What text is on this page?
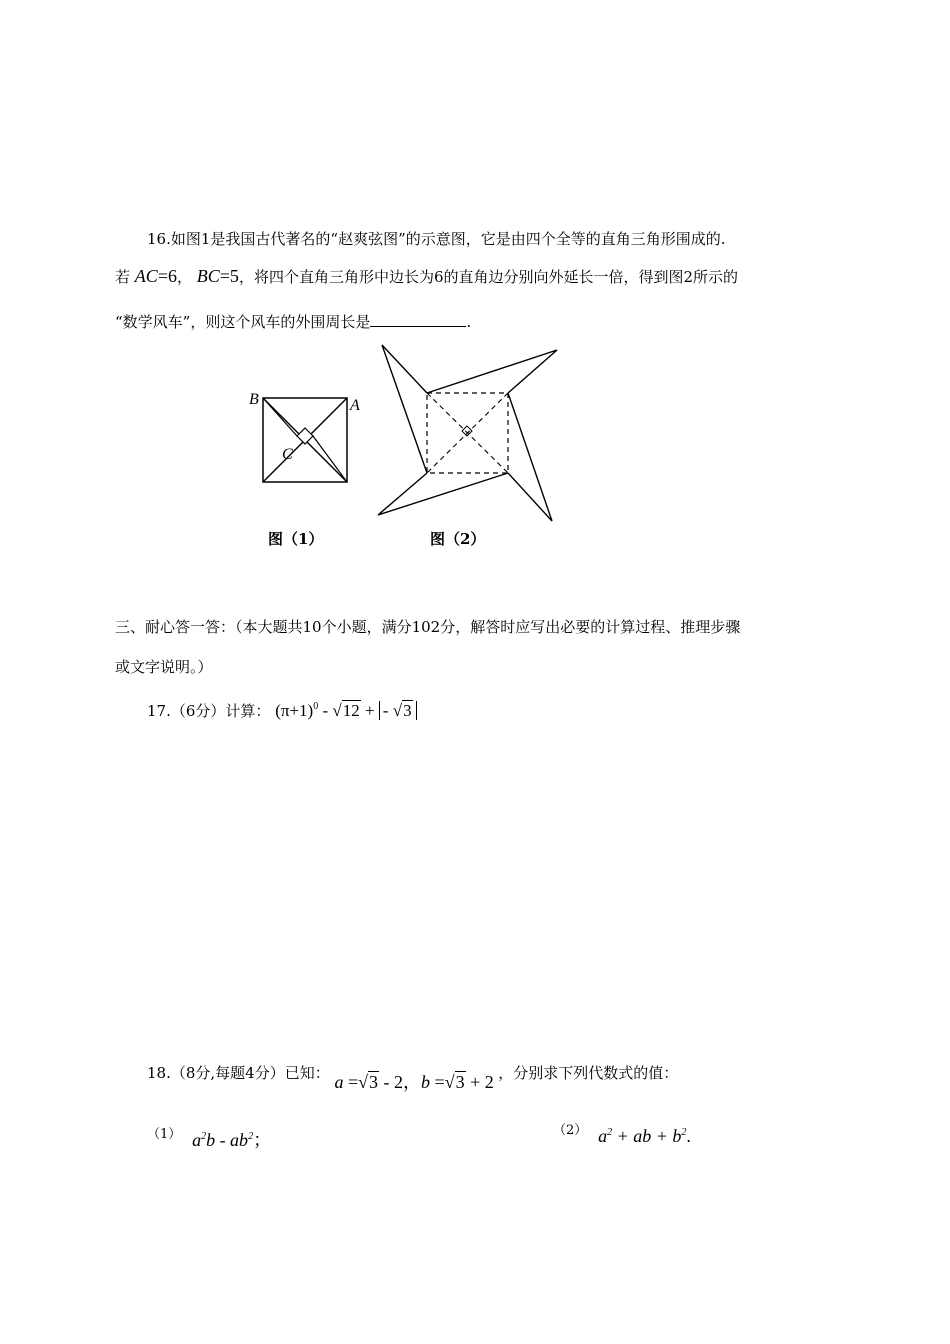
16.如图1是我国古代著名的“赵爽弦图”的示意图，它是由四个全等的直角三角形围成的.
若 AC=6， BC=5，将四个直角三角形中边长为6的直角边分别向外延长一倍，得到图2所示的
“数学风车”，则这个风车的外围周长是	.
B	A
C
图（1）	图（2）
三、耐心答一答：（本大题共10个小题，满分102分，解答时应写出必要的计算过程、推理步骤
或文字说明。）
17.（6分）计算： $(\pi+1)^0 - √12$ + - √3
18.（8分,每题4分）已知： a =√3 - 2，b =√3 + 2 ，分别求下列代数式的值：
（1） $a^2b - ab^2$；	（2） $a^2$ + ab + $b^2$.
